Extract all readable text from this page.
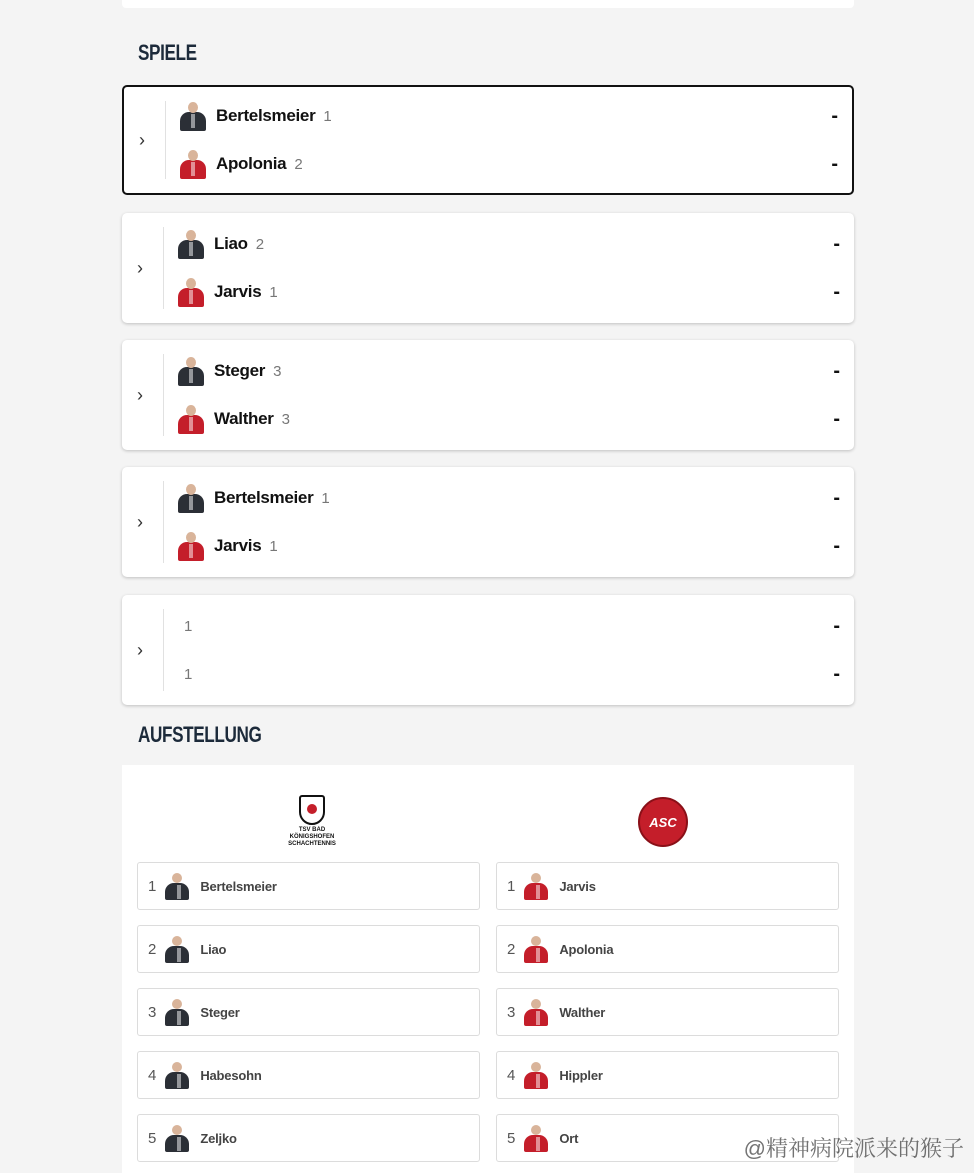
SPIELE
›
Bertelsmeier 1	-
Apolonia 2	-
›
Liao 2	-
Jarvis 1	-
›
Steger 3	-
Walther 3	-
›
Bertelsmeier 1	-
Jarvis 1	-
›
1	-
1	-
AUFSTELLUNG
TSV BAD KÖNIGSHOFEN SCHACHTENNIS
ASC
1	Bertelsmeier
2	Liao
3	Steger
4	Habesohn
5	Zeljko
1	Jarvis
2	Apolonia
3	Walther
4	Hippler
5	Ort	@精神病院派来的猴子
